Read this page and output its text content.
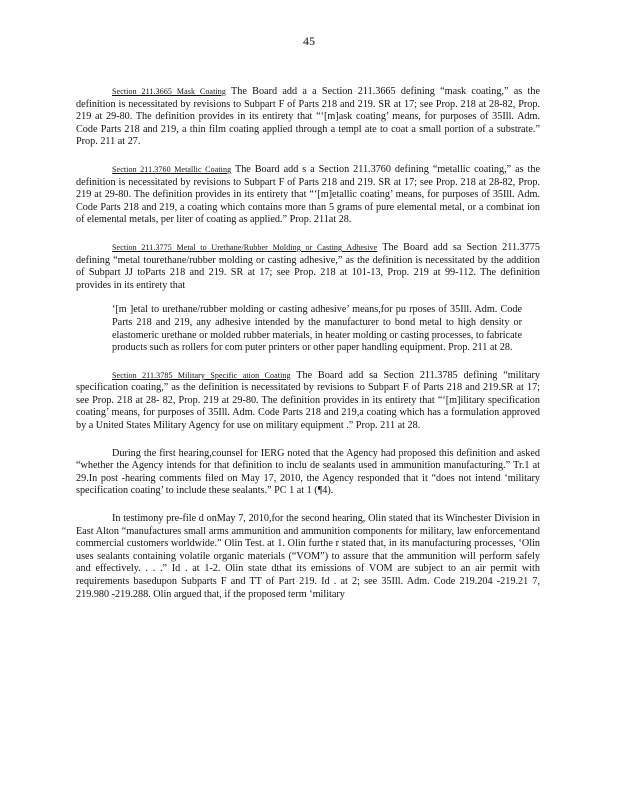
45

Section 211.3665 Mask Coating The Board add a a Section 211.3665 defining “mask coating,” as the definition is necessitated by revisions to Subpart F of Parts 218 and 219. SR at 17; see Prop. 218 at 28-82, Prop. 219 at 29-80. The definition provides in its entirety that “‘[m]ask coating’ means, for purposes of 35Ill. Adm. Code Parts 218 and 219, a thin film coating applied through a templ ate to coat a small portion of a substrate.” Prop. 211 at 27.

Section 211.3760 Metallic Coating The Board add s a Section 211.3760 defining “metallic coating,” as the definition is necessitated by revisions to Subpart F of Parts 218 and 219. SR at 17; see Prop. 218 at 28-82, Prop. 219 at 29-80. The definition provides in its entirety that “‘[m]etallic coating’ means, for purposes of 35Ill. Adm. Code Parts 218 and 219, a coating which contains more than 5 grams of pure elemental metal, or a combinat ion of elemental metals, per liter of coating as applied.” Prop. 211at 28.

Section 211.3775 Metal to Urethane/Rubber Molding or Casting Adhesive The Board add sa Section 211.3775 defining “metal tourethane/rubber molding or casting adhesive,” as the definition is necessitated by the addition of Subpart JJ toParts 218 and 219. SR at 17; see Prop. 218 at 101-13, Prop. 219 at 99-112. The definition provides in its entirety that

‘[m ]etal to urethane/rubber molding or casting adhesive’ means,for pu rposes of 35Ill. Adm. Code Parts 218 and 219, any adhesive intended by the manufacturer to bond metal to high density or elastomeric urethane or molded rubber materials, in heater molding or casting processes, to fabricate products such as rollers for com puter printers or other paper handling equipment. Prop. 211 at 28.

Section 211.3785 Military Specific ation Coating The Board add sa Section 211.3785 defining “military specification coating,” as the definition is necessitated by revisions to Subpart F of Parts 218 and 219.SR at 17; see Prop. 218 at 28- 82, Prop. 219 at 29-80. The definition provides in its entirety that “‘[m]ilitary specification coating’ means, for purposes of 35Ill. Adm. Code Parts 218 and 219,a coating which has a formulation approved by a United States Military Agency for use on military equipment .” Prop. 211 at 28.

During the first hearing,counsel for IERG noted that the Agency had proposed this definition and asked “whether the Agency intends for that definition to inclu de sealants used in ammunition manufacturing.” Tr.1 at 29.In post -hearing comments filed on May 17, 2010, the Agency responded that it “does not intend ‘military specification coating’ to include these sealants.” PC 1 at 1 (¶4).

In testimony pre-file d onMay 7, 2010,for the second hearing, Olin stated that its Winchester Division in East Alton “manufactures small arms ammunition and ammunition components for military, law enforcementand commercial customers worldwide.” Olin Test. at 1. Olin furthe r stated that, in its manufacturing processes, ‘Olin uses sealants containing volatile organic materials (“VOM”) to assure that the ammunition will perform safely and effectively. . . .” Id . at 1-2. Olin state dthat its emissions of VOM are subject to an air permit with requirements basedupon Subparts F and TT of Part 219. Id . at 2; see 35Ill. Adm. Code 219.204 -219.21 7, 219.980 -219.288. Olin argued that, if the proposed term ‘military
